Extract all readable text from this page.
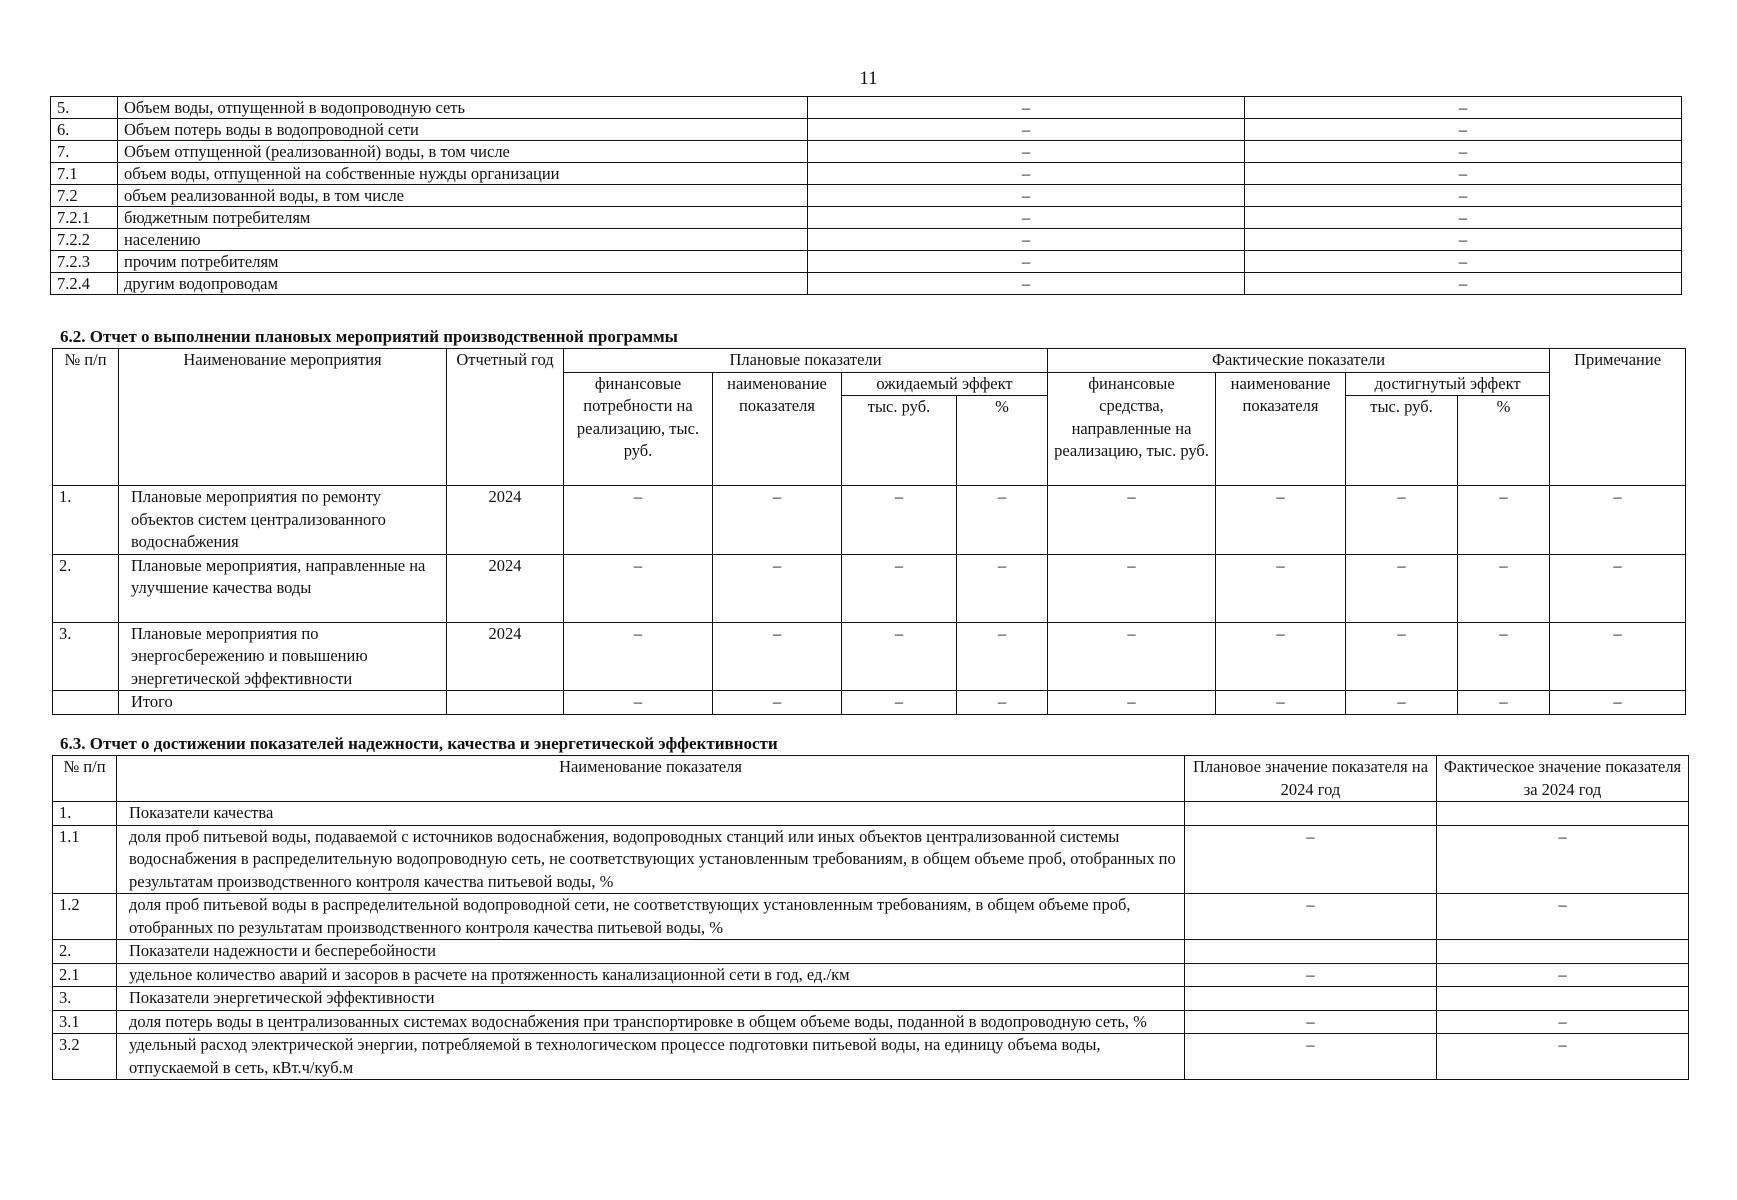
11
5.	Объем воды, отпущенной в водопроводную сеть	–	–
6.	Объем потерь воды в водопроводной сети	–	–
7.	Объем отпущенной (реализованной) воды, в том числе	–	–
7.1	объем воды, отпущенной на собственные нужды организации	–	–
7.2	объем реализованной воды, в том числе	–	–
7.2.1	бюджетным потребителям	–	–
7.2.2	населению	–	–
7.2.3	прочим потребителям	–	–
7.2.4	другим водопроводам	–	–
6.2. Отчет о выполнении плановых мероприятий производственной программы
№ п/п	Наименование мероприятия	Отчетный год	Плановые показатели				Фактические показатели				Примечание
			финансовые потребности на реализацию, тыс. руб.	наименование показателя	ожидаемый эффект		финансовые средства, направленные на реализацию, тыс. руб.	наименование показателя	достигнутый эффект		
					тыс. руб.	%			тыс. руб.	%	
1.	Плановые мероприятия по ремонту объектов систем централизованного водоснабжения	2024	–	–	–	–	–	–	–	–	–
2.	Плановые мероприятия, направленные на улучшение качества воды	2024	–	–	–	–	–	–	–	–	–
3.	Плановые мероприятия по энергосбережению и повышению энергетической эффективности	2024	–	–	–	–	–	–	–	–	–
	Итого		–	–	–	–	–	–	–	–	–
6.3. Отчет о достижении показателей надежности, качества и энергетической эффективности
№ п/п	Наименование показателя	Плановое значение показателя на 2024 год	Фактическое значение показателя за 2024 год
1.	Показатели качества		
1.1	доля проб питьевой воды, подаваемой с источников водоснабжения, водопроводных станций или иных объектов централизованной системы водоснабжения в распределительную водопроводную сеть, не соответствующих установленным требованиям, в общем объеме проб, отобранных по результатам производственного контроля качества питьевой воды, %	–	–
1.2	доля проб питьевой воды в распределительной водопроводной сети, не соответствующих установленным требованиям, в общем объеме проб, отобранных по результатам производственного контроля качества питьевой воды, %	–	–
2.	Показатели надежности и бесперебойности		
2.1	удельное количество аварий и засоров в расчете на протяженность канализационной сети в год, ед./км	–	–
3.	Показатели энергетической эффективности		
3.1	доля потерь воды в централизованных системах водоснабжения при транспортировке в общем объеме воды, поданной в водопроводную сеть, %	–	–
3.2	удельный расход электрической энергии, потребляемой в технологическом процессе подготовки питьевой воды, на единицу объема воды, отпускаемой в сеть, кВт.ч/куб.м	–	–
